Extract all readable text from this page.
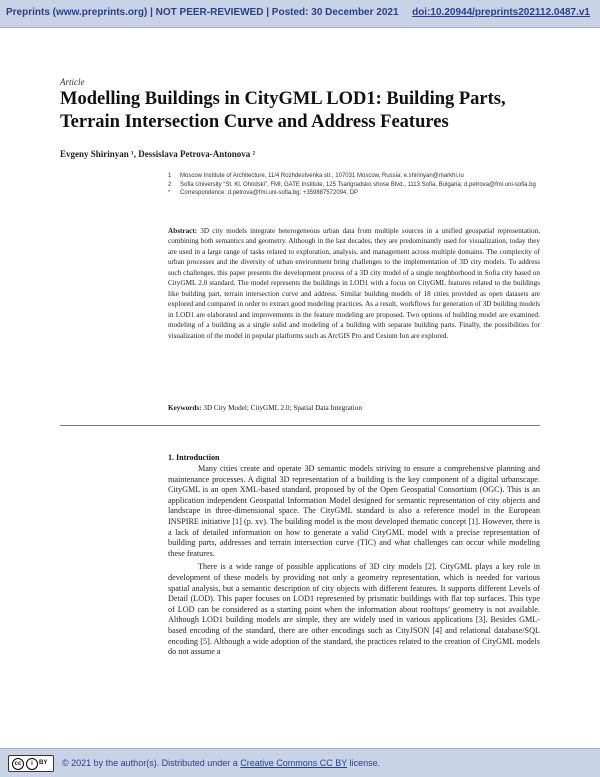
Preprints (www.preprints.org) | NOT PEER-REVIEWED | Posted: 30 December 2021 doi:10.20944/preprints202112.0487.v1
Article
Modelling Buildings in CityGML LOD1: Building Parts, Terrain Intersection Curve and Address Features
Evgeny Shirinyan ¹, Dessislava Petrova-Antonova ²
1 Moscow Institute of Architecture, 11/4 Rozhdestvenka str., 107031 Moscow, Russia; e.shirinyan@markhi.ru
2 Sofia University “St. Kl. Ohridski”, FMI, GATE Institute, 125 Tsarigradsko shose Blvd., 1113 Sofia, Bulgaria; d.petrova@fmi.uni-sofia.bg
* Correspondence: d.petrova@fmi.uni-sofia.bg; +359887572094, DP

Abstract: 3D city models integrate heterogeneous urban data from multiple sources in a unified geospatial representation, combining both semantics and geometry. Although in the last decades, they are predominantly used for visualization, today they are used in a large range of tasks related to exploration, analysis, and management across multiple domains. The complexity of urban processes and the diversity of urban environment bring challenges to the implementation of 3D city models. To address such challenges, this paper presents the development process of a 3D city model of a single neighborhood in Sofia city based on CityGML 2.0 standard. The model represents the buildings in LOD1 with a focus on CityGML features related to the buildings like building part, terrain intersection curve and address. Similar building models of 18 cities provided as open datasets are explored and compared in order to extract good modeling practices. As a result, workflows for generation of 3D building models in LOD1 are elaborated and improvements in the feature modeling are proposed. Two options of building model are examined: modeling of a building as a single solid and modeling of a building with separate building parts. Finally, the possibilities for visualization of the model in popular platforms such as ArcGIS Pro and Cesium Ion are explored.

Keywords: 3D City Model; CityGML 2.0; Spatial Data Integration

1. Introduction

Many cities create and operate 3D semantic models striving to ensure a comprehensive planning and maintenance processes. A digital 3D representation of a building is the key component of a digital urbanscape. CityGML is an open XML-based standard, proposed by of the Open Geospatial Consortium (OGC). This is an application independent Geospatial Information Model designed for semantic representation of city objects and landscape in three-dimensional space. The CityGML standard is also a reference model in the European INSPIRE initiative [1] (p. xv). The building model is the most developed thematic concept [1]. However, there is a lack of detailed information on how to generate a valid CityGML model with a precise representation of building parts, addresses and terrain intersection curve (TIC) and what challenges can occur while modeling these features.

There is a wide range of possible applications of 3D city models [2]. CityGML plays a key role in development of these models by providing not only a geometry representation, which is needed for various spatial analysis, but a semantic description of city objects with different features. It supports different Levels of Detail (LOD). This paper focuses on LOD1 represented by prismatic buildings with flat top surfaces. This type of LOD can be considered as a starting point when the information about rooftops’ geometry is not available. Although LOD1 building models are simple, they are widely used in various applications [3]. Besides GML-based encoding of the standard, there are other encodings such as CityJSON [4] and relational database/SQL encoding [5]. Although a wide adoption of the standard, the practices related to the creation of CityGML models do not assume a

cc	i	BY © 2021 by the author(s). Distributed under a Creative Commons CC BY license.
